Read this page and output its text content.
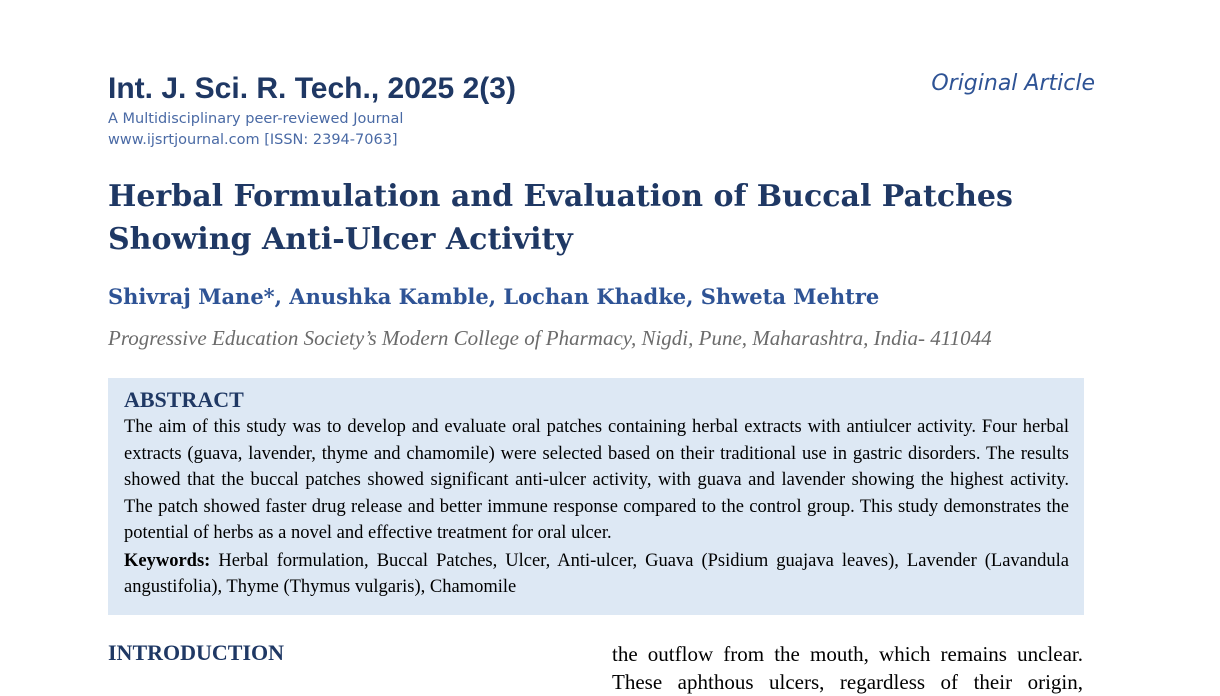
Int. J. Sci. R. Tech., 2025 2(3)	Original Article
A Multidisciplinary peer-reviewed Journal
www.ijsrtjournal.com [ISSN: 2394-7063]
Herbal Formulation and Evaluation of Buccal Patches
Showing Anti-Ulcer Activity
Shivraj Mane*, Anushka Kamble, Lochan Khadke, Shweta Mehtre
Progressive Education Society’s Modern College of Pharmacy, Nigdi, Pune, Maharashtra, India- 411044
ABSTRACT

The aim of this study was to develop and evaluate oral patches containing herbal extracts with antiulcer activity. Four herbal extracts (guava, lavender, thyme and chamomile) were selected based on their traditional use in gastric disorders. The results showed that the buccal patches showed significant anti-ulcer activity, with guava and lavender showing the highest activity. The patch showed faster drug release and better immune response compared to the control group. This study demonstrates the potential of herbs as a novel and effective treatment for oral ulcer.

Keywords: Herbal formulation, Buccal Patches, Ulcer, Anti-ulcer, Guava (Psidium guajava leaves), Lavender (Lavandula angustifolia), Thyme (Thymus vulgaris), Chamomile

INTRODUCTION	the outflow from the mouth, which remains unclear.
These aphthous ulcers, regardless of their origin,
